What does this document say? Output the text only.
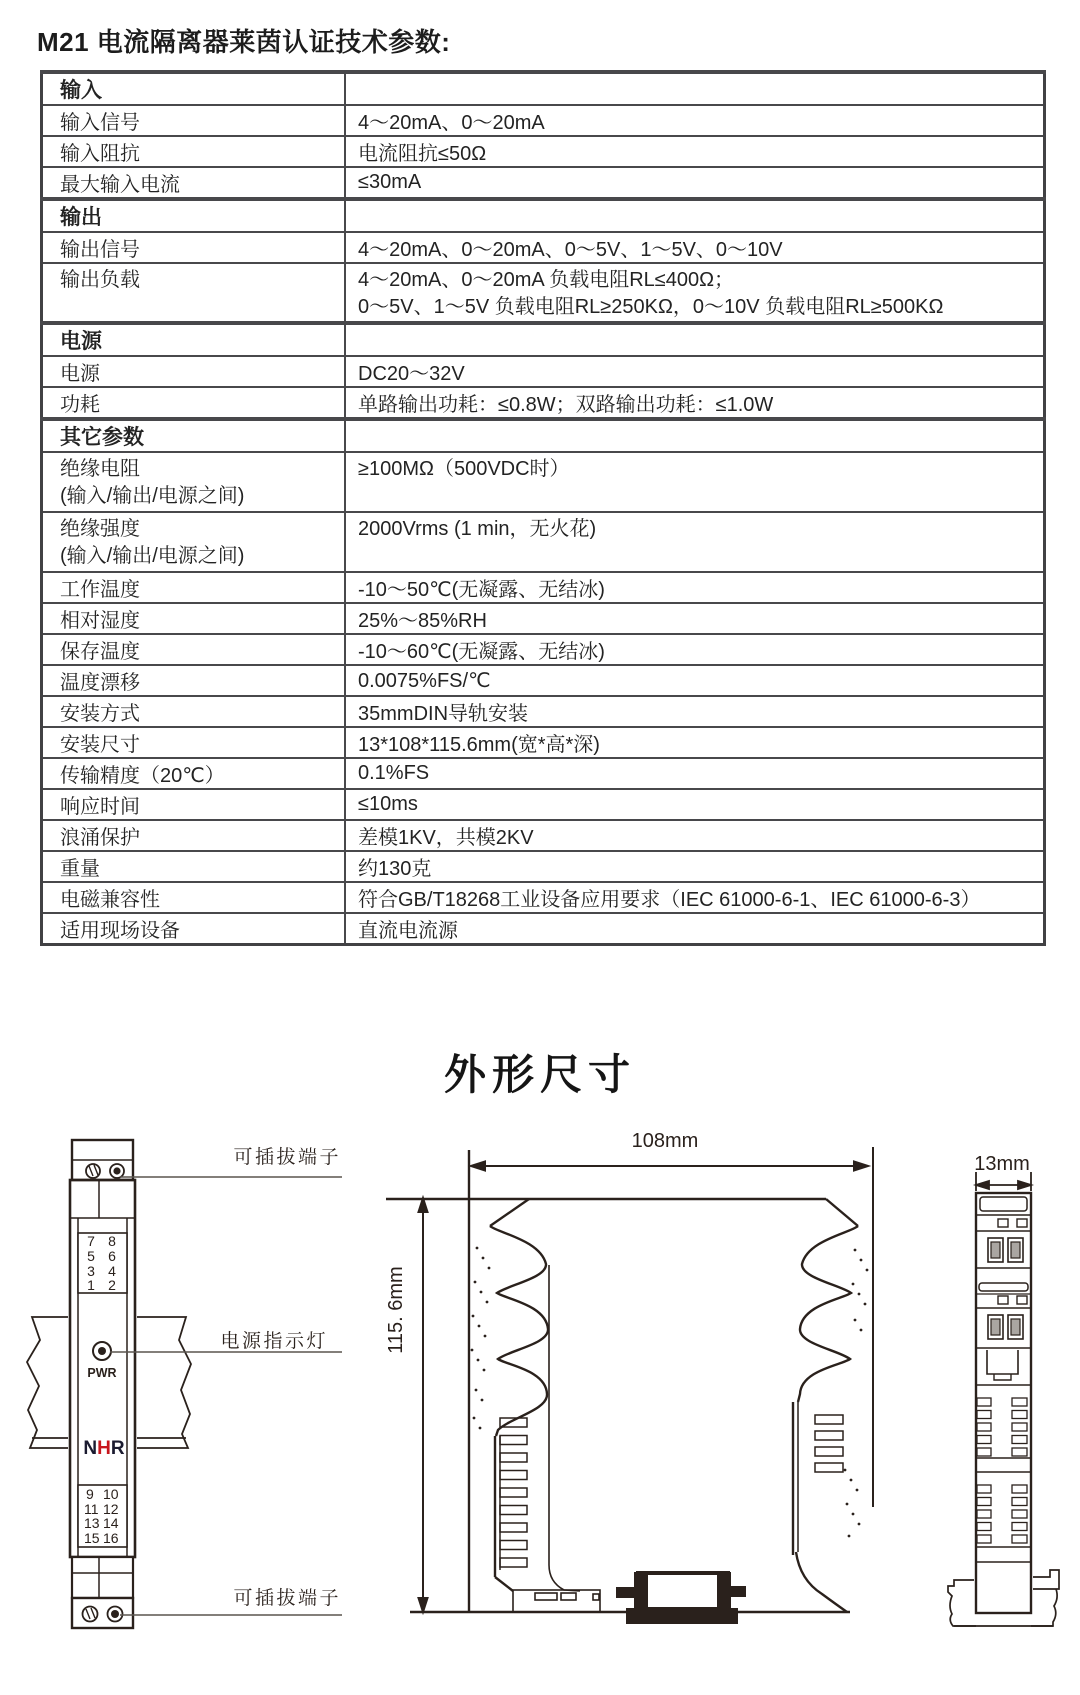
M21 电流隔离器莱茵认证技术参数:
输入	

输入信号	4～20mA、0～20mA

输入阻抗	电流阻抗≤50Ω

最大输入电流	≤30mA

输出	

输出信号	4～20mA、0～20mA、0～5V、1～5V、0～10V

输出负载	4～20mA、0～20mA 负载电阻RL≤400Ω；
0～5V、1～5V 负载电阻RL≥250KΩ，0～10V 负载电阻RL≥500KΩ

电源	

电源	DC20～32V

功耗	单路输出功耗：≤0.8W；双路输出功耗：≤1.0W

其它参数	

绝缘电阻
(输入/输出/电源之间)	≥100MΩ（500VDC时）

绝缘强度
(输入/输出/电源之间)	2000Vrms (1 min，无火花)

工作温度	-10～50℃(无凝露、无结冰)

相对湿度	25%～85%RH

保存温度	-10～60℃(无凝露、无结冰)

温度漂移	0.0075%FS/℃

安装方式	35mmDIN导轨安装

安装尺寸	13*108*115.6mm(宽*高*深)

传输精度（20℃）	0.1%FS

响应时间	≤10ms

浪涌保护	差模1KV，共模2KV

重量	约130克

电磁兼容性	符合GB/T18268工业设备应用要求（IEC 61000-6-1、IEC 61000-6-3）

适用现场设备	直流电流源
外形尺寸
7 8
5 6
3 4
1 2
9 10
11 12
13 14
15 16
PWR
NHR
可插拔端子
电源指示灯
可插拔端子
108mm
115. 6mm
13mm
